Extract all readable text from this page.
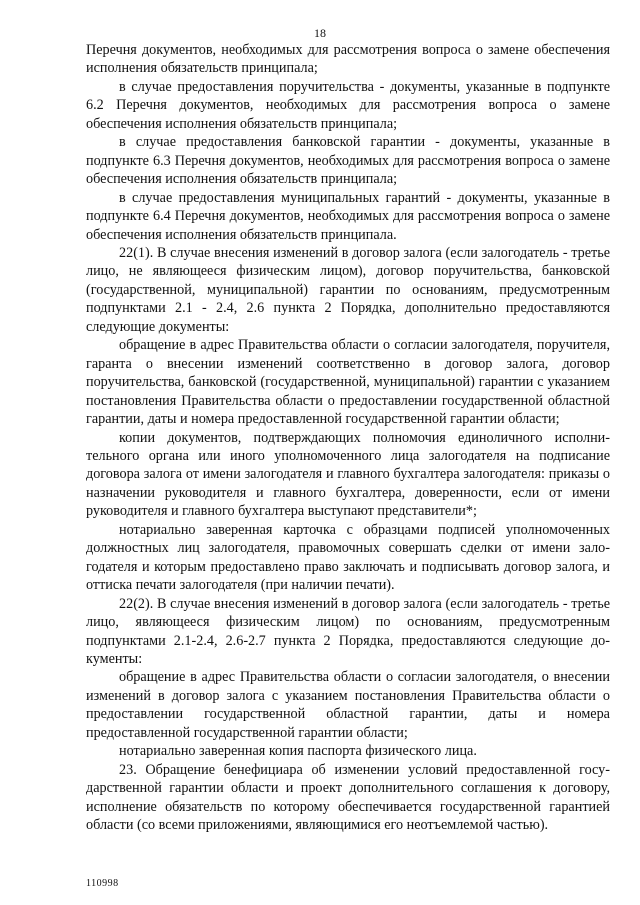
18

Перечня документов, необходимых для рассмотрения вопроса о замене обеспечения исполнения обязательств принципала;

в случае предоставления поручительства - документы, указанные в подпункте 6.2 Перечня документов, необходимых для рассмотрения вопроса о замене обеспечения исполнения обязательств принципала;

в случае предоставления банковской гарантии - документы, указанные в подпункте 6.3 Перечня документов, необходимых для рассмотрения вопроса о замене обеспечения исполнения обязательств принципала;

в случае предоставления муниципальных гарантий - документы, указанные в подпункте 6.4 Перечня документов, необходимых для рассмотрения вопроса о замене обеспечения исполнения обязательств принципала.

22(1). В случае внесения изменений в договор залога (если залогодатель - третье лицо, не являющееся физическим лицом), договор поручительства, банковской (государственной, муниципальной) гарантии по основаниям, предусмотренным подпунктами 2.1 - 2.4, 2.6 пункта 2 Порядка, дополнительно предоставляются следующие документы:

обращение в адрес Правительства области о согласии залогодателя, поручителя, гаранта о внесении изменений соответственно в договор залога, договор поручительства, банковской (государственной, муниципальной) гарантии с указанием постановления Правительства области о предоставлении государственной областной гарантии, даты и номера предоставленной государственной гарантии области;

копии документов, подтверждающих полномочия единоличного исполнительного органа или иного уполномоченного лица залогодателя на подписание договора залога от имени залогодателя и главного бухгалтера залогодателя: приказы о назначении руководителя и главного бухгалтера, доверенности, если от имени руководителя и главного бухгалтера выступают представители*;

нотариально заверенная карточка с образцами подписей уполномоченных должностных лиц залогодателя, правомочных совершать сделки от имени залогодателя и которым предоставлено право заключать и подписывать договор залога, и оттиска печати залогодателя (при наличии печати).

22(2). В случае внесения изменений в договор залога (если залогодатель - третье лицо, являющееся физическим лицом) по основаниям, предусмотренным подпунктами 2.1-2.4, 2.6-2.7 пункта 2 Порядка, предоставляются следующие документы:

обращение в адрес Правительства области о согласии залогодателя, о внесении изменений в договор залога с указанием постановления Правительства области о предоставлении государственной областной гарантии, даты и номера предоставленной государственной гарантии области;

нотариально заверенная копия паспорта физического лица.

23. Обращение бенефициара об изменении условий предоставленной государственной гарантии области и проект дополнительного соглашения к договору, исполнение обязательств по которому обеспечивается государственной гарантией области (со всеми приложениями, являющимися его неотъемлемой частью).

110998
